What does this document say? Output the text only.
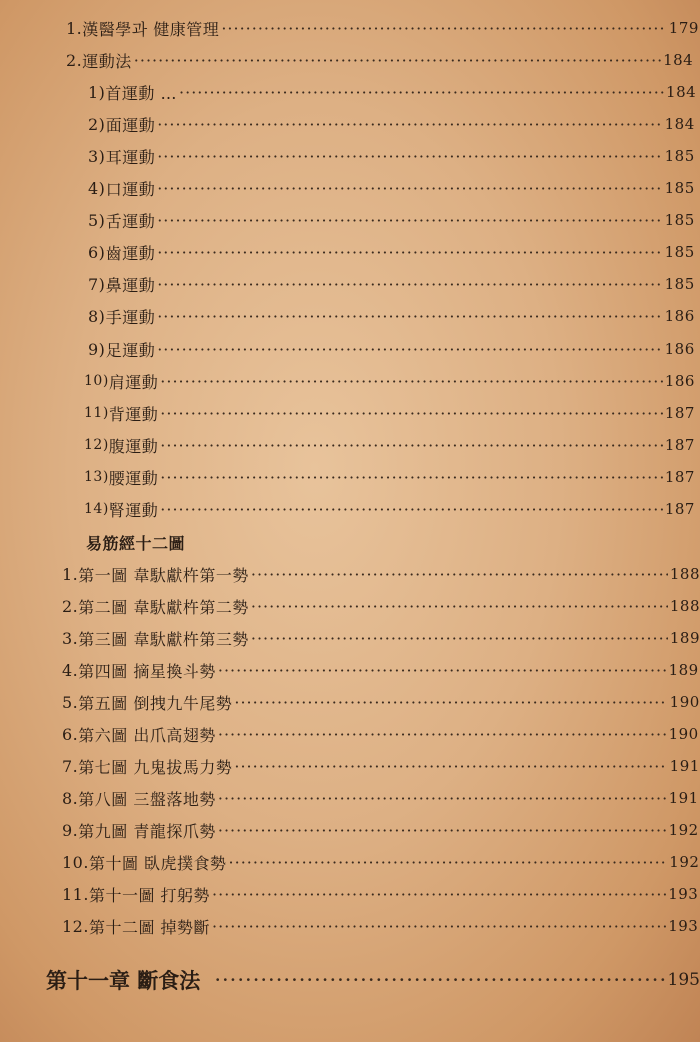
1. 漢醫學과 健康管理 ·····	179
2. 運動法 ·····	184
1) 首運動 … ·····	184
2) 面運動 ·····	184
3) 耳運動 ·····	185
4) 口運動 ·····	185
5) 舌運動 ·····	185
6) 齒運動 ·····	185
7) 鼻運動 ·····	185
8) 手運動 ·····	186
9) 足運動 ·····	186
10) 肩運動 ·····	186
11) 背運動 ·····	187
12) 腹運動 ·····	187
13) 腰運動 ·····	187
14) 腎運動 ·····	187
易筋經十二圖
1. 第一圖 韋馱獻杵第一勢 ·····	188
2. 第二圖 韋馱獻杵第二勢 ·····	188
3. 第三圖 韋馱獻杵第三勢 ·····	189
4. 第四圖 摘星換斗勢 ·····	189
5. 第五圖 倒拽九牛尾勢 ·····	190
6. 第六圖 出爪高翅勢 ·····	190
7. 第七圖 九鬼拔馬力勢 ·····	191
8. 第八圖 三盤落地勢 ·····	191
9. 第九圖 青龍探爪勢 ·····	192
10. 第十圖 臥虎撲食勢 ·····	192
11. 第十一圖 打躬勢 ·····	193
12. 第十二圖 掉勢斷 ·····	193
第十一章 斷食法 ·····	195
